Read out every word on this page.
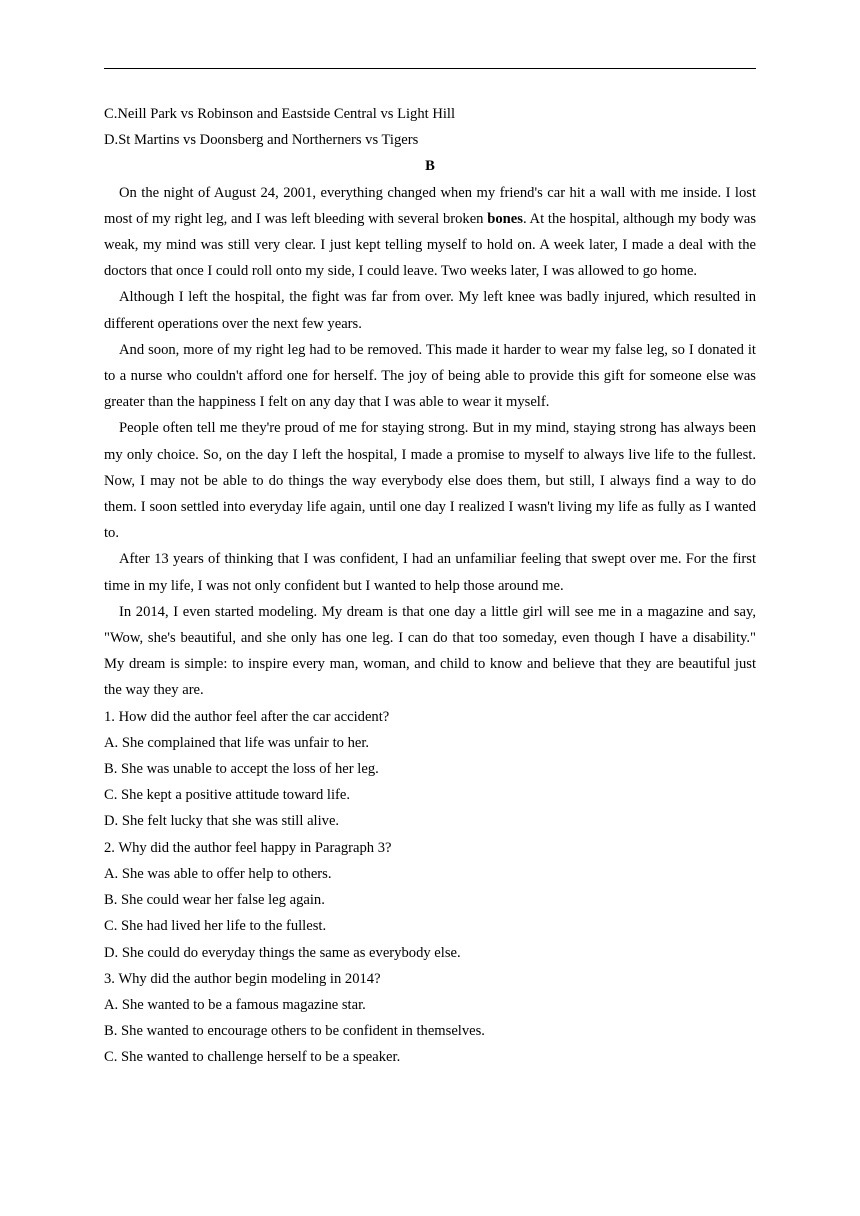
C.Neill Park vs Robinson and Eastside Central vs Light Hill

D.St Martins vs Doonsberg and Northerners vs Tigers

B

On the night of August 24, 2001, everything changed when my friend's car hit a wall with me inside. I lost most of my right leg, and I was left bleeding with several broken bones. At the hospital, although my body was weak, my mind was still very clear. I just kept telling myself to hold on. A week later, I made a deal with the doctors that once I could roll onto my side, I could leave. Two weeks later, I was allowed to go home.

Although I left the hospital, the fight was far from over. My left knee was badly injured, which resulted in different operations over the next few years.

And soon, more of my right leg had to be removed. This made it harder to wear my false leg, so I donated it to a nurse who couldn't afford one for herself. The joy of being able to provide this gift for someone else was greater than the happiness I felt on any day that I was able to wear it myself.

People often tell me they're proud of me for staying strong. But in my mind, staying strong has always been my only choice. So, on the day I left the hospital, I made a promise to myself to always live life to the fullest. Now, I may not be able to do things the way everybody else does them, but still, I always find a way to do them. I soon settled into everyday life again, until one day I realized I wasn't living my life as fully as I wanted to.

After 13 years of thinking that I was confident, I had an unfamiliar feeling that swept over me. For the first time in my life, I was not only confident but I wanted to help those around me.

In 2014, I even started modeling. My dream is that one day a little girl will see me in a magazine and say, "Wow, she's beautiful, and she only has one leg. I can do that too someday, even though I have a disability." My dream is simple: to inspire every man, woman, and child to know and believe that they are beautiful just the way they are.

1. How did the author feel after the car accident?

A. She complained that life was unfair to her.

B. She was unable to accept the loss of her leg.

C. She kept a positive attitude toward life.

D. She felt lucky that she was still alive.

2. Why did the author feel happy in Paragraph 3?

A. She was able to offer help to others.

B. She could wear her false leg again.

C. She had lived her life to the fullest.

D. She could do everyday things the same as everybody else.

3. Why did the author begin modeling in 2014?

A. She wanted to be a famous magazine star.

B. She wanted to encourage others to be confident in themselves.

C. She wanted to challenge herself to be a speaker.
